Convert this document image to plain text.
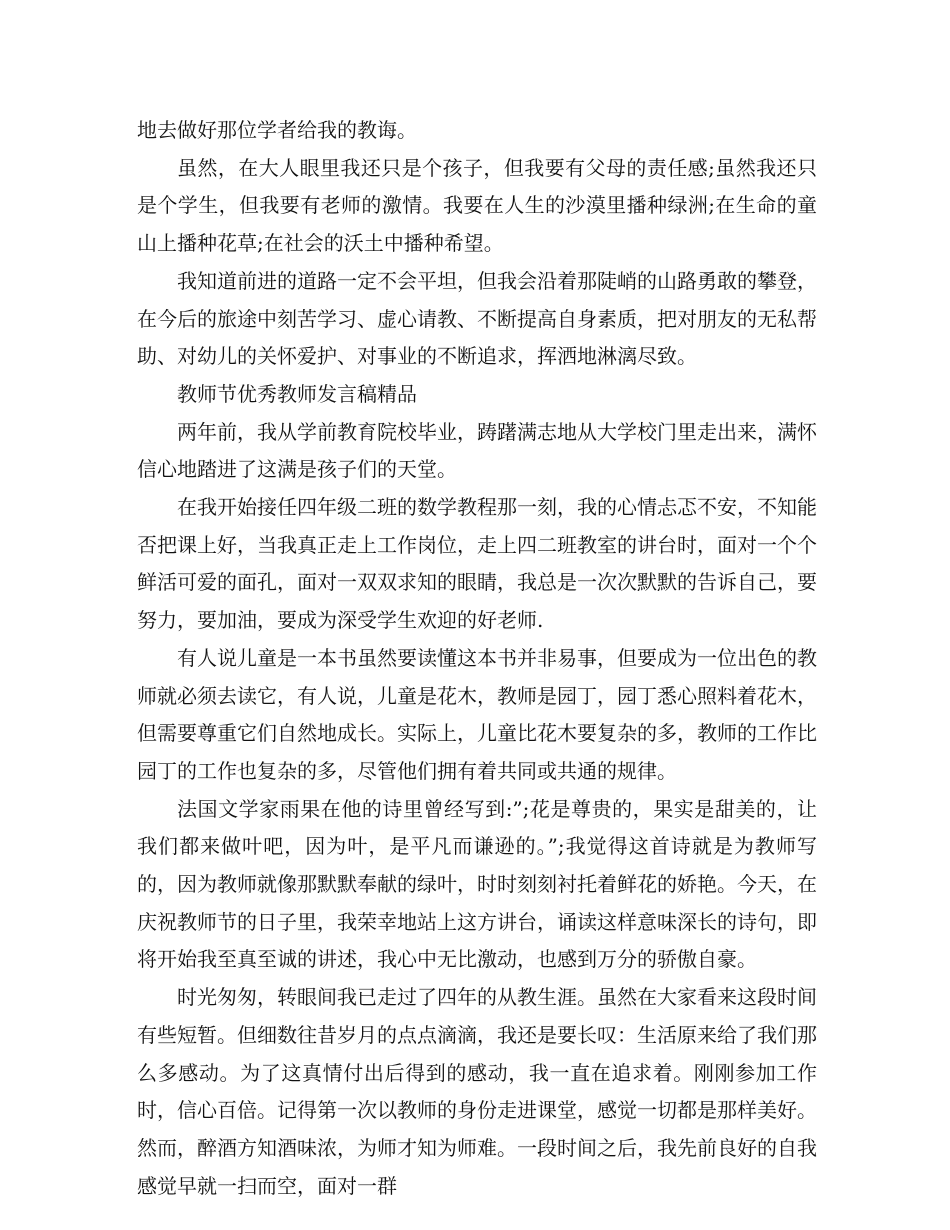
地去做好那位学者给我的教诲。

虽然，在大人眼里我还只是个孩子，但我要有父母的责任感;虽然我还只是个学生，但我要有老师的激情。我要在人生的沙漠里播种绿洲;在生命的童山上播种花草;在社会的沃土中播种希望。

我知道前进的道路一定不会平坦，但我会沿着那陡峭的山路勇敢的攀登，在今后的旅途中刻苦学习、虚心请教、不断提高自身素质，把对朋友的无私帮助、对幼儿的关怀爱护、对事业的不断追求，挥洒地淋漓尽致。

教师节优秀教师发言稿精品

两年前，我从学前教育院校毕业，踌躇满志地从大学校门里走出来，满怀信心地踏进了这满是孩子们的天堂。

在我开始接任四年级二班的数学教程那一刻，我的心情忐忑不安，不知能否把课上好，当我真正走上工作岗位，走上四二班教室的讲台时，面对一个个鲜活可爱的面孔，面对一双双求知的眼睛，我总是一次次默默的告诉自己，要努力，要加油，要成为深受学生欢迎的好老师.

有人说儿童是一本书虽然要读懂这本书并非易事，但要成为一位出色的教师就必须去读它，有人说，儿童是花木，教师是园丁，园丁悉心照料着花木，但需要尊重它们自然地成长。实际上，儿童比花木要复杂的多，教师的工作比园丁的工作也复杂的多，尽管他们拥有着共同或共通的规律。

法国文学家雨果在他的诗里曾经写到:”;花是尊贵的，果实是甜美的，让我们都来做叶吧，因为叶，是平凡而谦逊的。”;我觉得这首诗就是为教师写的，因为教师就像那默默奉献的绿叶，时时刻刻衬托着鲜花的娇艳。今天，在庆祝教师节的日子里，我荣幸地站上这方讲台，诵读这样意味深长的诗句，即将开始我至真至诚的讲述，我心中无比激动，也感到万分的骄傲自豪。

时光匆匆，转眼间我已走过了四年的从教生涯。虽然在大家看来这段时间有些短暂。但细数往昔岁月的点点滴滴，我还是要长叹：生活原来给了我们那么多感动。为了这真情付出后得到的感动，我一直在追求着。刚刚参加工作时，信心百倍。记得第一次以教师的身份走进课堂，感觉一切都是那样美好。然而，醉酒方知酒味浓，为师才知为师难。一段时间之后，我先前良好的自我感觉早就一扫而空，面对一群
